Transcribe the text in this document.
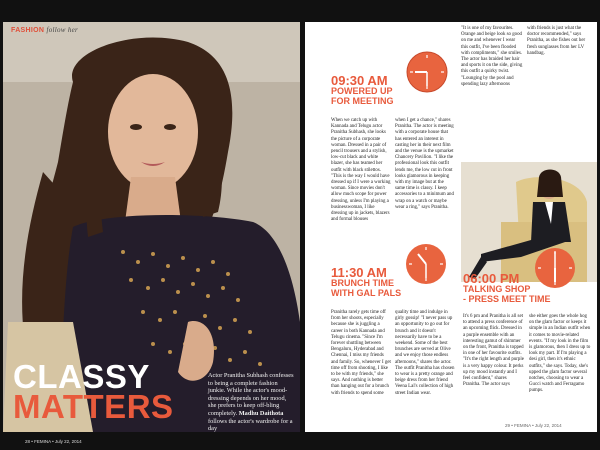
FASHION follow her
CLASSY
MATTERS
Actor Pranitha Subhash confesses to being a complete fashion junkie. While the actor's mood-dressing depends on her mood, she prefers to keep off-bling completely. Madhu Daithota follows the actor's wardrobe for a day
28 • FEMINA • July 22, 2014
09:30 AM
POWERED UP
FOR MEETING
When we catch up with Kannada and Telugu actor Pranitha Subhash, she looks the picture of a corporate woman. Dressed in a pair of pencil trousers and a stylish, low-cut black and white blazer, she has teamed her outfit with black stilettos. "This is the way I would have dressed up if I were a working woman. Since movies don't allow much scope for power dressing, unless I'm playing a businesswoman, I like dressing up in jackets, blazers and formal blouses
when I get a chance," shares Pranitha. The actor is meeting with a corporate house that has entered an interest in casting her in their next film and the venue is the upmarket Chancery Pavilion. "I like the professional look this outfit lends me, the low cut in front looks glamorous in keeping with my image but at the same time is classy. I keep accessories to a minimum and wrap on a watch or maybe wear a ring," says Pranitha.
"It is one of my favourites. Orange and beige look so good on me and whenever I wear this outfit, I've been flooded with compliments," she smiles. The actor has braided her hair and sports it on the side, giving this outfit a quirky twist. "Lounging by the pool and spending lazy afternoons
with friends is just what the doctor recommended," says Pranitha, as she fishes out her fresh sunglasses from her LV handbag.
11:30 AM
BRUNCH TIME
WITH GAL PALS
Pranitha rarely gets time off from her shoots, especially because she is juggling a career in both Kannada and Telugu cinema. "Since I'm forever shuttling between Bengaluru, Hyderabad and Chennai, I miss my friends and family. So, whenever I get time off from shooting, I like to be with my friends," she says. And nothing is better than hanging out for a brunch with friends to spend some
quality time and indulge in girly gossip! "I never pass up an opportunity to go out for brunch and it doesn't necessarily have to be a weekend. Some of the best brunches are served at Olive and we enjoy those endless afternoons," shares the actor. The outfit Pranitha has chosen to wear is a pretty orange and beige dress from her friend Veena Lal's collection of high street Indian wear.
06:00 PM
TALKING SHOP
- PRESS MEET TIME
It's 6 pm and Pranitha is all set to attend a press conference of an upcoming flick. Dressed in a purple ensemble with an interesting gamut of shimmer on the front, Pranitha is topped in one of her favourite outfits. "It's the right length and purple is a very happy colour. It perks up my mood instantly and I feel confident," shares Pranitha. The actor says
she either goes the whole hog on the glam factor or keeps it simple in an Indian outfit when it comes to movie-related events. "If my look in the film is glamorous, then I dress up to look my part. If I'm playing a desi girl, then it's ethnic outfits," she says. Today, she's upped the glam factor several notches, choosing to wear a Gucci watch and Ferragamo pumps.
29 • FEMINA • July 22, 2014
